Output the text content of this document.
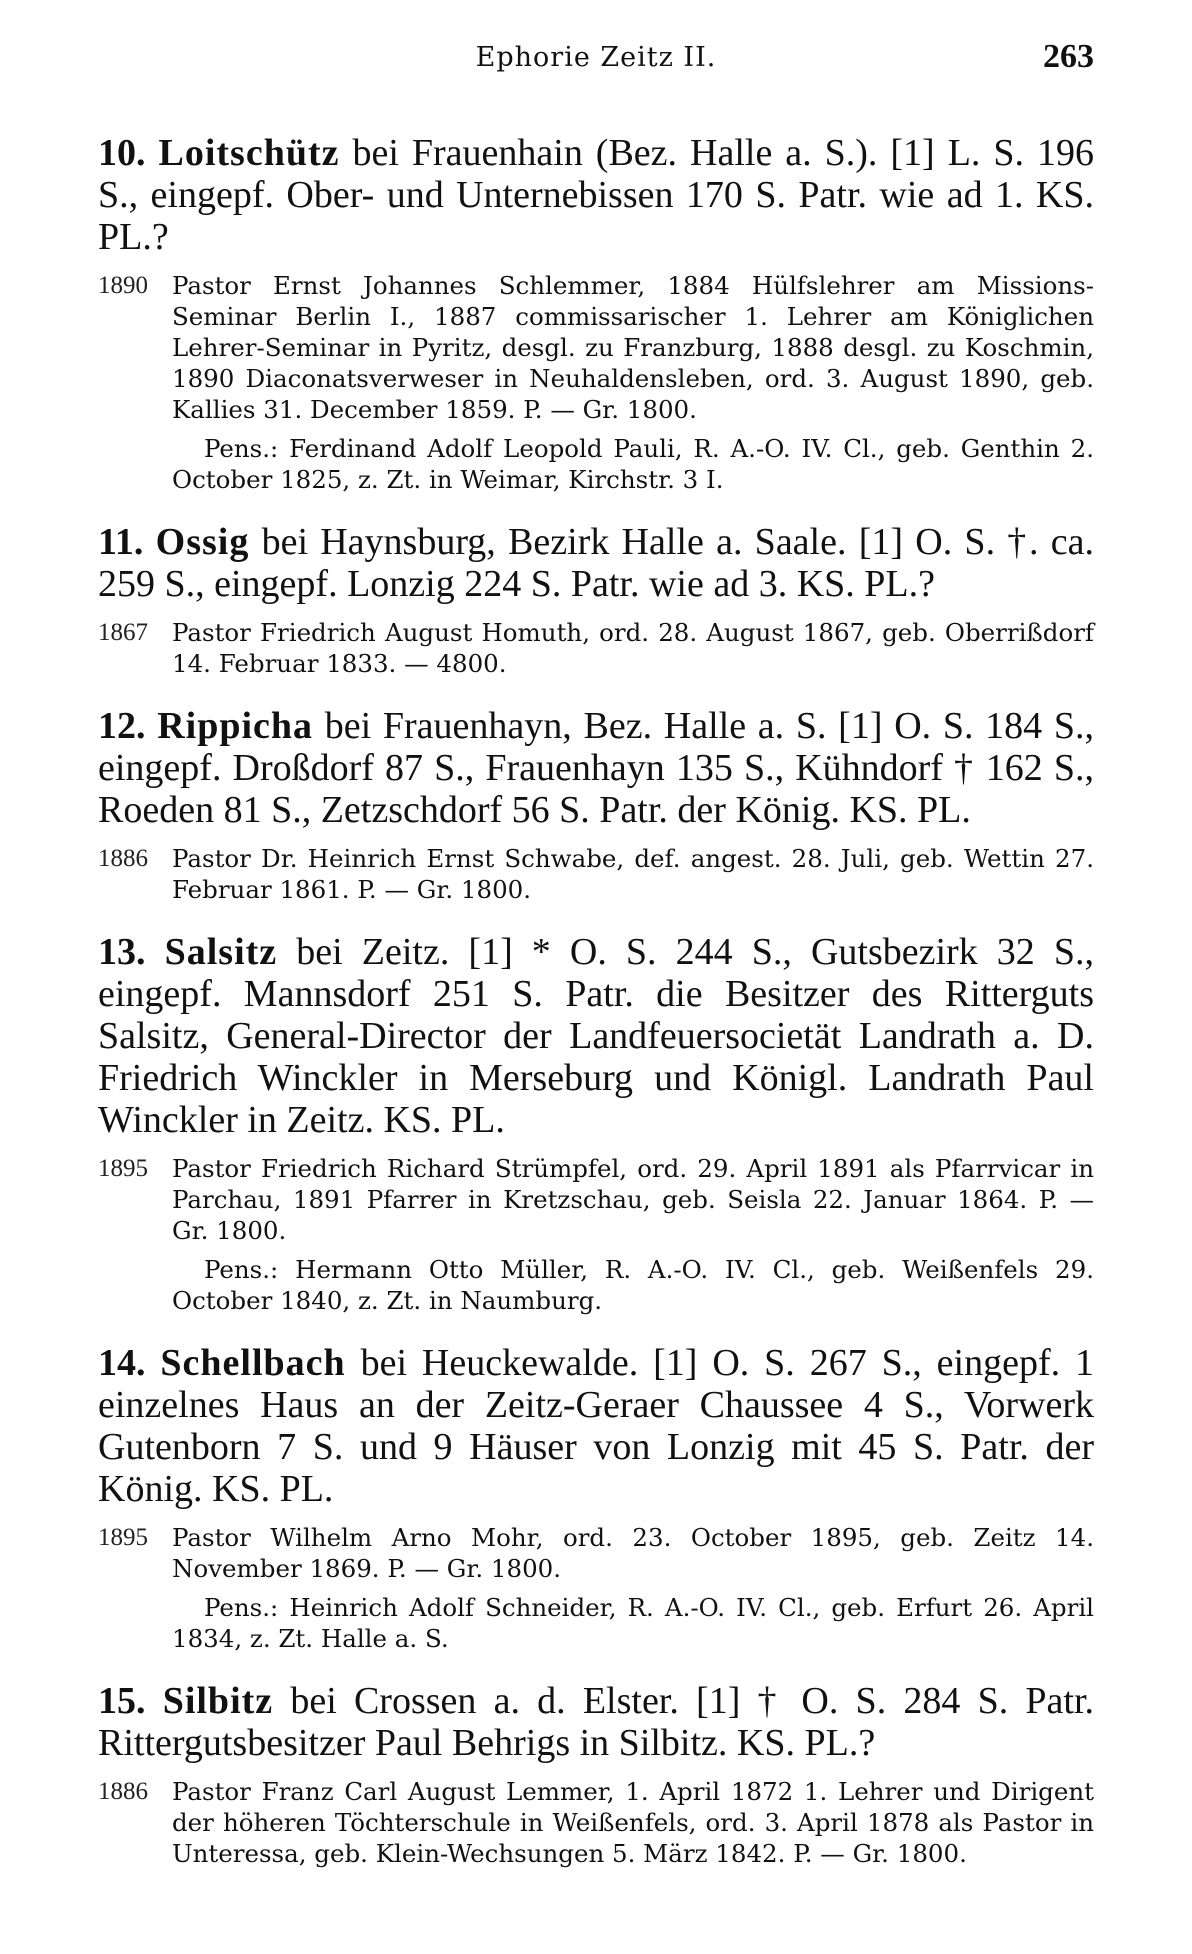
Ephorie Zeitz II.	263
10. Loitschütz bei Frauenhain (Bez. Halle a. S.). [1] L. S. 196 S., eingepf. Ober- und Unternebissen 170 S. Patr. wie ad 1. KS. PL.?
1890 Pastor Ernst Johannes Schlemmer, 1884 Hülfslehrer am Missions-Seminar Berlin I., 1887 commissarischer 1. Lehrer am Königlichen Lehrer-Seminar in Pyritz, desgl. zu Franzburg, 1888 desgl. zu Koschmin, 1890 Diaconatsverweser in Neuhaldensleben, ord. 3. August 1890, geb. Kallies 31. December 1859. P. — Gr. 1800.
Pens.: Ferdinand Adolf Leopold Pauli, R. A.-O. IV. Cl., geb. Genthin 2. October 1825, z. Zt. in Weimar, Kirchstr. 3 I.
11. Ossig bei Haynsburg, Bezirk Halle a. Saale. [1] O. S. †. ca. 259 S., eingepf. Lonzig 224 S. Patr. wie ad 3. KS. PL.?
1867 Pastor Friedrich August Homuth, ord. 28. August 1867, geb. Oberrißdorf 14. Februar 1833. — 4800.
12. Rippicha bei Frauenhayn, Bez. Halle a. S. [1] O. S. 184 S., eingepf. Droßdorf 87 S., Frauenhayn 135 S., Kühndorf † 162 S., Roeden 81 S., Zetzschdorf 56 S. Patr. der König. KS. PL.
1886 Pastor Dr. Heinrich Ernst Schwabe, def. angest. 28. Juli, geb. Wettin 27. Februar 1861. P. — Gr. 1800.
13. Salsitz bei Zeitz. [1] * O. S. 244 S., Gutsbezirk 32 S., eingepf. Mannsdorf 251 S. Patr. die Besitzer des Ritterguts Salsitz, General-Director der Landfeuersocietät Landrath a. D. Friedrich Winckler in Merseburg und Königl. Landrath Paul Winckler in Zeitz. KS. PL.
1895 Pastor Friedrich Richard Strümpfel, ord. 29. April 1891 als Pfarrvicar in Parchau, 1891 Pfarrer in Kretzschau, geb. Seisla 22. Januar 1864. P. — Gr. 1800.
Pens.: Hermann Otto Müller, R. A.-O. IV. Cl., geb. Weißenfels 29. October 1840, z. Zt. in Naumburg.
14. Schellbach bei Heuckewalde. [1] O. S. 267 S., eingepf. 1 einzelnes Haus an der Zeitz-Geraer Chaussee 4 S., Vorwerk Gutenborn 7 S. und 9 Häuser von Lonzig mit 45 S. Patr. der König. KS. PL.
1895 Pastor Wilhelm Arno Mohr, ord. 23. October 1895, geb. Zeitz 14. November 1869. P. — Gr. 1800.
Pens.: Heinrich Adolf Schneider, R. A.-O. IV. Cl., geb. Erfurt 26. April 1834, z. Zt. Halle a. S.
15. Silbitz bei Crossen a. d. Elster. [1] † O. S. 284 S. Patr. Rittergutsbesitzer Paul Behrigs in Silbitz. KS. PL.?
1886 Pastor Franz Carl August Lemmer, 1. April 1872 1. Lehrer und Dirigent der höheren Töchterschule in Weißenfels, ord. 3. April 1878 als Pastor in Unteressa, geb. Klein-Wechsungen 5. März 1842. P. — Gr. 1800.
